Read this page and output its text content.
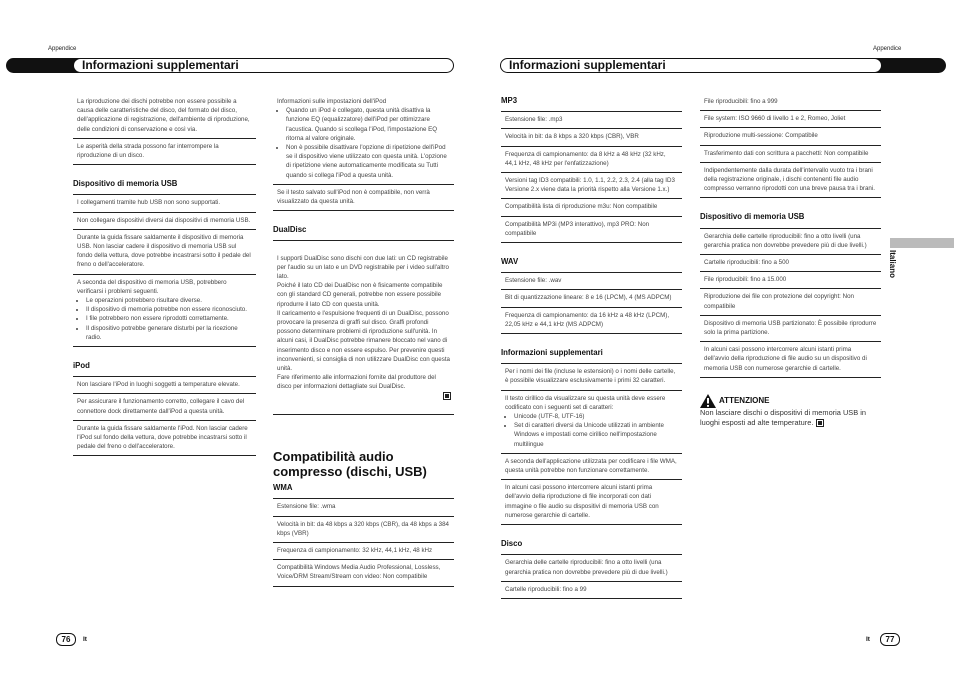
Appendice	Appendice
Informazioni supplementari	Informazioni supplementari
La riproduzione dei dischi potrebbe non essere possibile a causa delle caratteristiche del disco, del formato del disco, dell'applicazione di registrazione, dell'ambiente di riproduzione, delle condizioni di conservazione e così via.
Le asperità della strada possono far interrompere la riproduzione di un disco.
Dispositivo di memoria USB
I collegamenti tramite hub USB non sono supportati.
Non collegare dispositivi diversi dai dispositivi di memoria USB.
Durante la guida fissare saldamente il dispositivo di memoria USB. Non lasciar cadere il dispositivo di memoria USB sul fondo della vettura, dove potrebbe incastrarsi sotto il pedale del freno o dell'acceleratore.
A seconda del dispositivo di memoria USB, potrebbero verificarsi i problemi seguenti.
• Le operazioni potrebbero risultare diverse.
• Il dispositivo di memoria potrebbe non essere riconosciuto.
• I file potrebbero non essere riprodotti correttamente.
• Il dispositivo potrebbe generare disturbi per la ricezione radio.
iPod
Non lasciare l'iPod in luoghi soggetti a temperature elevate.
Per assicurare il funzionamento corretto, collegare il cavo del connettore dock direttamente dall'iPod a questa unità.
Durante la guida fissare saldamente l'iPod. Non lasciar cadere l'iPod sul fondo della vettura, dove potrebbe incastrarsi sotto il pedale del freno o dell'acceleratore.
Informazioni sulle impostazioni dell'iPod
• Quando un iPod è collegato, questa unità disattiva la funzione EQ (equalizzatore) dell'iPod per ottimizzare l'acustica. Quando si scollega l'iPod, l'impostazione EQ ritorna al valore originale.
• Non è possibile disattivare l'opzione di ripetizione dell'iPod se il dispositivo viene utilizzato con questa unità. L'opzione di ripetizione viene automaticamente modificata su Tutti quando si collega l'iPod a questa unità.
Se il testo salvato sull'iPod non è compatibile, non verrà visualizzato da questa unità.
DualDisc

I supporti DualDisc sono dischi con due lati: un CD registrabile per l'audio su un lato e un DVD registrabile per i video sull'altro lato.
Poiché il lato CD dei DualDisc non è fisicamente compatibile con gli standard CD generali, potrebbe non essere possibile riprodurre il lato CD con questa unità.
Il caricamento e l'espulsione frequenti di un DualDisc, possono provocare la presenza di graffi sul disco. Graffi profondi possono determinare problemi di riproduzione sull'unità. In alcuni casi, il DualDisc potrebbe rimanere bloccato nel vano di inserimento disco e non essere espulso. Per prevenire questi inconvenienti, si consiglia di non utilizzare DualDisc con questa unità.
Fare riferimento alle informazioni fornite dal produttore del disco per informazioni dettagliate sui DualDisc.

Compatibilità audio compresso (dischi, USB)
WMA
Estensione file: .wma
Velocità in bit: da 48 kbps a 320 kbps (CBR), da 48 kbps a 384 kbps (VBR)
Frequenza di campionamento: 32 kHz, 44,1 kHz, 48 kHz
Compatibilità Windows Media Audio Professional, Lossless, Voice/DRM Stream/Stream con video: Non compatibile
MP3
Estensione file: .mp3
Velocità in bit: da 8 kbps a 320 kbps (CBR), VBR
Frequenza di campionamento: da 8 kHz a 48 kHz (32 kHz, 44,1 kHz, 48 kHz per l'enfatizzazione)
Versioni tag ID3 compatibili: 1.0, 1.1, 2.2, 2.3, 2.4 (alla tag ID3 Versione 2.x viene data la priorità rispetto alla Versione 1.x.)
Compatibilità lista di riproduzione m3u: Non compatibile
Compatibilità MP3i (MP3 interattivo), mp3 PRO: Non compatibile
WAV
Estensione file: .wav
Bit di quantizzazione lineare: 8 e 16 (LPCM), 4 (MS ADPCM)
Frequenza di campionamento: da 16 kHz a 48 kHz (LPCM), 22,05 kHz e 44,1 kHz (MS ADPCM)
Informazioni supplementari
Per i nomi dei file (incluse le estensioni) o i nomi delle cartelle, è possibile visualizzare esclusivamente i primi 32 caratteri.
Il testo cirillico da visualizzare su questa unità deve essere codificato con i seguenti set di caratteri:
• Unicode (UTF-8, UTF-16)
• Set di caratteri diversi da Unicode utilizzati in ambiente Windows e impostati come cirillico nell'impostazione multilingue
A seconda dell'applicazione utilizzata per codificare i file WMA, questa unità potrebbe non funzionare correttamente.
In alcuni casi possono intercorrere alcuni istanti prima dell'avvio della riproduzione di file incorporati con dati immagine o file audio su dispositivi di memoria USB con numerose gerarchie di cartelle.
Disco
Gerarchia delle cartelle riproducibili: fino a otto livelli (una gerarchia pratica non dovrebbe prevedere più di due livelli.)
Cartelle riproducibili: fino a 99
File riproducibili: fino a 999
File system: ISO 9660 di livello 1 e 2, Romeo, Joliet
Riproduzione multi-sessione: Compatibile
Trasferimento dati con scrittura a pacchetti: Non compatibile
Indipendentemente dalla durata dell'intervallo vuoto tra i brani della registrazione originale, i dischi contenenti file audio compresso verranno riprodotti con una breve pausa tra i brani.
Dispositivo di memoria USB
Gerarchia delle cartelle riproducibili: fino a otto livelli (una gerarchia pratica non dovrebbe prevedere più di due livelli.)
Cartelle riproducibili: fino a 500
File riproducibili: fino a 15.000
Riproduzione dei file con protezione del copyright: Non compatibile
Dispositivo di memoria USB partizionato: È possibile riprodurre solo la prima partizione.
In alcuni casi possono intercorrere alcuni istanti prima dell'avvio della riproduzione di file audio su un dispositivo di memoria USB con numerose gerarchie di cartelle.
ATTENZIONE
Non lasciare dischi o dispositivi di memoria USB in luoghi esposti ad alte temperature.
Italiano
76	It	It	77
